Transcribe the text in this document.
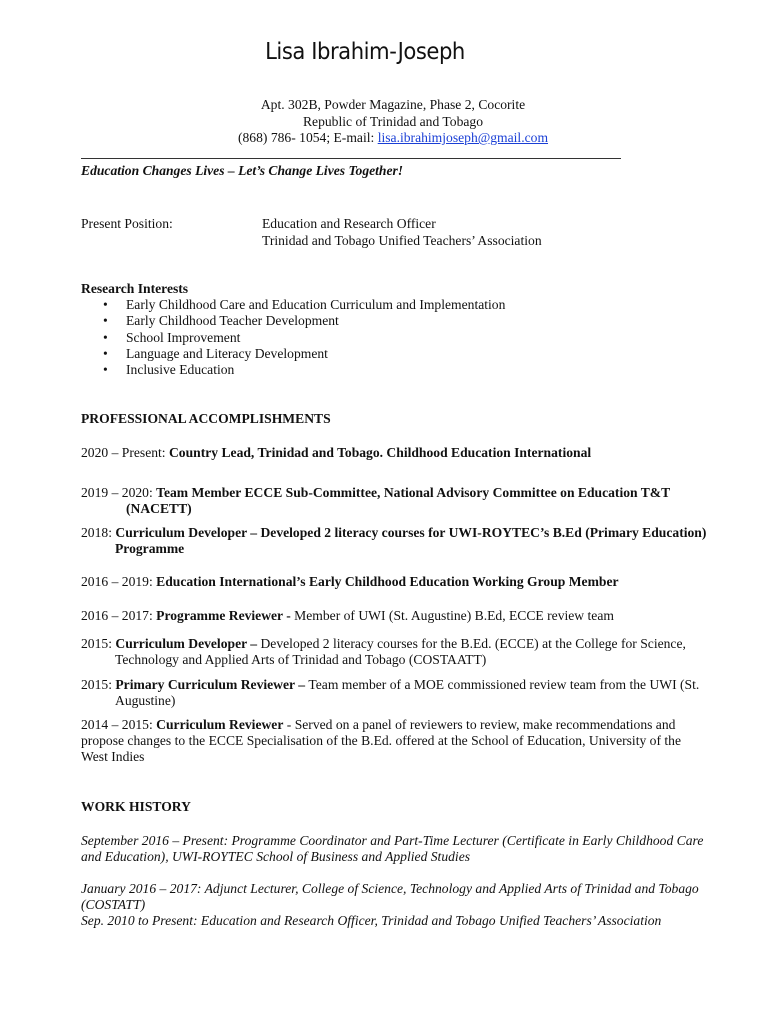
Lisa Ibrahim-Joseph
Apt. 302B, Powder Magazine, Phase 2, Cocorite
Republic of Trinidad and Tobago
(868) 786- 1054; E-mail: lisa.ibrahimjoseph@gmail.com
Education Changes Lives – Let’s Change Lives Together!
Present Position:	Education and Research Officer
Trinidad and Tobago Unified Teachers’ Association
Research Interests
• Early Childhood Care and Education Curriculum and Implementation
• Early Childhood Teacher Development
• School Improvement
• Language and Literacy Development
• Inclusive Education
PROFESSIONAL ACCOMPLISHMENTS
2020 – Present: Country Lead, Trinidad and Tobago. Childhood Education International
2019 – 2020: Team Member ECCE Sub-Committee, National Advisory Committee on Education T&T
(NACETT)
2018: Curriculum Developer – Developed 2 literacy courses for UWI-ROYTEC’s B.Ed (Primary Education)
Programme
2016 – 2019: Education International’s Early Childhood Education Working Group Member
2016 – 2017: Programme Reviewer - Member of UWI (St. Augustine) B.Ed, ECCE review team
2015: Curriculum Developer – Developed 2 literacy courses for the B.Ed. (ECCE) at the College for Science,
Technology and Applied Arts of Trinidad and Tobago (COSTAATT)
2015: Primary Curriculum Reviewer – Team member of a MOE commissioned review team from the UWI (St.
Augustine)
2014 – 2015: Curriculum Reviewer - Served on a panel of reviewers to review, make recommendations and
propose changes to the ECCE Specialisation of the B.Ed. offered at the School of Education, University of the
West Indies
WORK HISTORY
September 2016 – Present: Programme Coordinator and Part-Time Lecturer (Certificate in Early Childhood Care
and Education), UWI-ROYTEC School of Business and Applied Studies
January 2016 – 2017: Adjunct Lecturer, College of Science, Technology and Applied Arts of Trinidad and Tobago
(COSTATT)
Sep. 2010 to Present: Education and Research Officer, Trinidad and Tobago Unified Teachers’ Association
